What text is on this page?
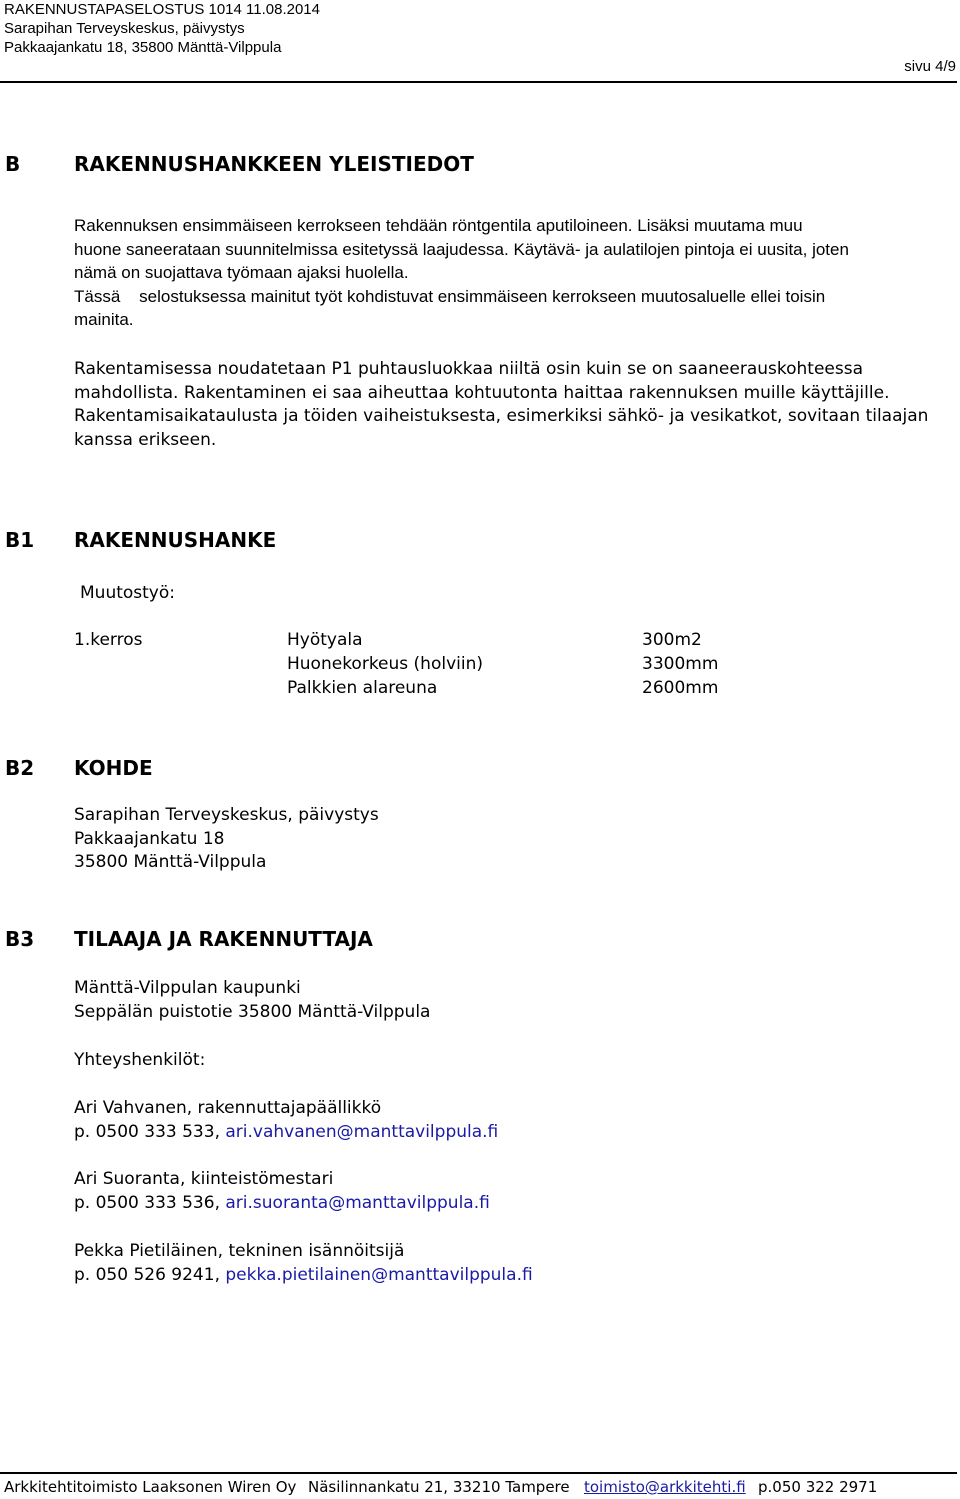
RAKENNUSTAPASELOSTUS 1014 11.08.2014
Sarapihan Terveyskeskus, päivystys
Pakkaajankatu 18, 35800 Mänttä-Vilppula
sivu 4/9
B	RAKENNUSHANKKEEN YLEISTIEDOT

Rakennuksen ensimmäiseen kerrokseen tehdään röntgentila aputiloineen. Lisäksi muutama muu

huone saneerataan suunnitelmissa esitetyssä laajudessa. Käytävä- ja aulatilojen pintoja ei uusita, joten

nämä on suojattava työmaan ajaksi huolella.

Tässä    selostuksessa mainitut työt kohdistuvat ensimmäiseen kerrokseen muutosaluelle ellei toisin

mainita.

Rakentamisessa noudatetaan P1 puhtausluokkaa niiltä osin kuin se on saaneerauskohteessa

mahdollista. Rakentaminen ei saa aiheuttaa kohtuutonta haittaa rakennuksen muille käyttäjille.

Rakentamisaikataulusta ja töiden vaiheistuksesta, esimerkiksi sähkö- ja vesikatkot, sovitaan tilaajan

kanssa erikseen.

B1 RAKENNUSHANKE
Muutostyö:
1.kerros	Hyötyala	300m2
Huonekorkeus (holviin)	3300mm
Palkkien alareuna	2600mm
B2 KOHDE

Sarapihan Terveyskeskus, päivystys

Pakkaajankatu 18

35800 Mänttä-Vilppula

B3 TILAAJA JA RAKENNUTTAJA

Mänttä-Vilppulan kaupunki

Seppälän puistotie 35800 Mänttä-Vilppula

Yhteyshenkilöt:

Ari Vahvanen, rakennuttajapäällikkö

p. 0500 333 533, ari.vahvanen@manttavilppula.fi

Ari Suoranta, kiinteistömestari

p. 0500 333 536, ari.suoranta@manttavilppula.fi

Pekka Pietiläinen, tekninen isännöitsijä

p. 050 526 9241, pekka.pietilainen@manttavilppula.fi

Arkkitehtitoimisto Laaksonen Wiren Oy Näsilinnankatu 21, 33210 Tampere toimisto@arkkitehti.fi p.050 322 2971
